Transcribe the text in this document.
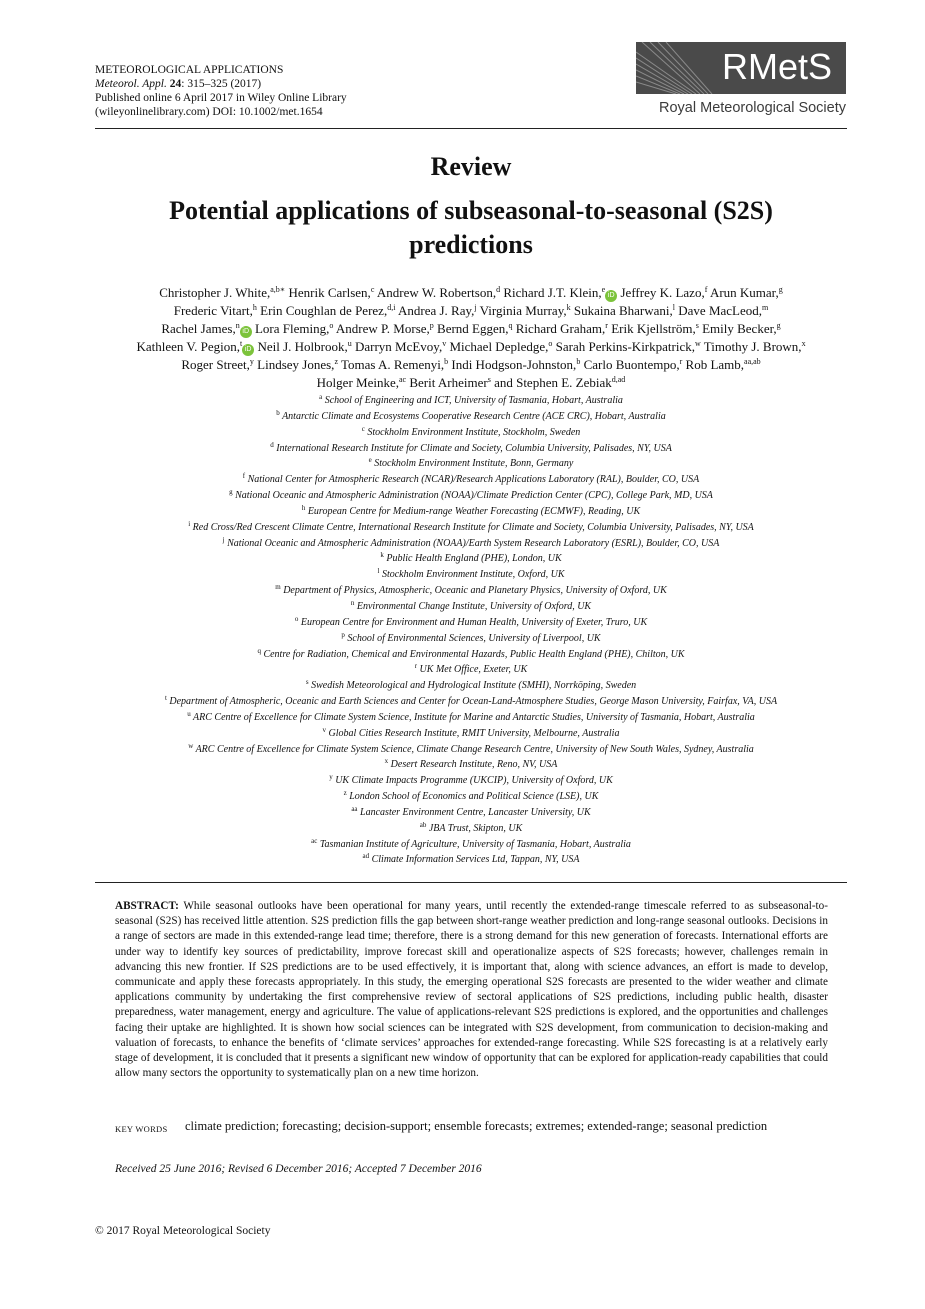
METEOROLOGICAL APPLICATIONS
Meteorol. Appl. 24: 315–325 (2017)
Published online 6 April 2017 in Wiley Online Library
(wileyonlinelibrary.com) DOI: 10.1002/met.1654
RMetS
Royal Meteorological Society
Review
Potential applications of subseasonal-to-seasonal (S2S)
predictions
Christopher J. White,$^{a,b∗}$ Henrik Carlsen,$^c$ Andrew W. Robertson,$^d$ Richard J.T. Klein,$^e$iD Jeffrey K. Lazo,$^f$ Arun Kumar,$^g$
Frederic Vitart,$^h$ Erin Coughlan de Perez,$^{d,i}$ Andrea J. Ray,$^j$ Virginia Murray,$^k$ Sukaina Bharwani,$^l$ Dave MacLeod,$^m$
Rachel James,$^n$iD Lora Fleming,$^o$ Andrew P. Morse,$^p$ Bernd Eggen,$^q$ Richard Graham,$^r$ Erik Kjellström,$^s$ Emily Becker,$^g$
Kathleen V. Pegion,$^t$iD Neil J. Holbrook,$^u$ Darryn McEvoy,$^v$ Michael Depledge,$^o$ Sarah Perkins-Kirkpatrick,$^w$ Timothy J. Brown,$^x$
Roger Street,$^y$ Lindsey Jones,$^z$ Tomas A. Remenyi,$^b$ Indi Hodgson-Johnston,$^b$ Carlo Buontempo,$^r$ Rob Lamb,$^{aa,ab}$
Holger Meinke,$^{ac}$ Berit Arheimer$^s$ and Stephen E. Zebiak$^{d,ad}$
$^a$ School of Engineering and ICT, University of Tasmania, Hobart, Australia
$^b$ Antarctic Climate and Ecosystems Cooperative Research Centre (ACE CRC), Hobart, Australia
$^c$ Stockholm Environment Institute, Stockholm, Sweden
$^d$ International Research Institute for Climate and Society, Columbia University, Palisades, NY, USA
$^e$ Stockholm Environment Institute, Bonn, Germany
$^f$ National Center for Atmospheric Research (NCAR)/Research Applications Laboratory (RAL), Boulder, CO, USA
$^g$ National Oceanic and Atmospheric Administration (NOAA)/Climate Prediction Center (CPC), College Park, MD, USA
$^h$ European Centre for Medium-range Weather Forecasting (ECMWF), Reading, UK
$^i$ Red Cross/Red Crescent Climate Centre, International Research Institute for Climate and Society, Columbia University, Palisades, NY, USA
$^j$ National Oceanic and Atmospheric Administration (NOAA)/Earth System Research Laboratory (ESRL), Boulder, CO, USA
$^k$ Public Health England (PHE), London, UK
$^l$ Stockholm Environment Institute, Oxford, UK
$^m$ Department of Physics, Atmospheric, Oceanic and Planetary Physics, University of Oxford, UK
$^n$ Environmental Change Institute, University of Oxford, UK
$^o$ European Centre for Environment and Human Health, University of Exeter, Truro, UK
$^p$ School of Environmental Sciences, University of Liverpool, UK
$^q$ Centre for Radiation, Chemical and Environmental Hazards, Public Health England (PHE), Chilton, UK
$^r$ UK Met Office, Exeter, UK
$^s$ Swedish Meteorological and Hydrological Institute (SMHI), Norrköping, Sweden
$^t$ Department of Atmospheric, Oceanic and Earth Sciences and Center for Ocean-Land-Atmosphere Studies, George Mason University, Fairfax, VA, USA
$^u$ ARC Centre of Excellence for Climate System Science, Institute for Marine and Antarctic Studies, University of Tasmania, Hobart, Australia
$^v$ Global Cities Research Institute, RMIT University, Melbourne, Australia
$^w$ ARC Centre of Excellence for Climate System Science, Climate Change Research Centre, University of New South Wales, Sydney, Australia
$^x$ Desert Research Institute, Reno, NV, USA
$^y$ UK Climate Impacts Programme (UKCIP), University of Oxford, UK
$^z$ London School of Economics and Political Science (LSE), UK
$^{aa}$ Lancaster Environment Centre, Lancaster University, UK
$^{ab}$ JBA Trust, Skipton, UK
$^{ac}$ Tasmanian Institute of Agriculture, University of Tasmania, Hobart, Australia
$^{ad}$ Climate Information Services Ltd, Tappan, NY, USA
ABSTRACT: While seasonal outlooks have been operational for many years, until recently the extended-range timescale referred to as subseasonal-to-seasonal (S2S) has received little attention. S2S prediction fills the gap between short-range weather prediction and long-range seasonal outlooks. Decisions in a range of sectors are made in this extended-range lead time; therefore, there is a strong demand for this new generation of forecasts. International efforts are under way to identify key sources of predictability, improve forecast skill and operationalize aspects of S2S forecasts; however, challenges remain in advancing this new frontier. If S2S predictions are to be used effectively, it is important that, along with science advances, an effort is made to develop, communicate and apply these forecasts appropriately. In this study, the emerging operational S2S forecasts are presented to the wider weather and climate applications community by undertaking the first comprehensive review of sectoral applications of S2S predictions, including public health, disaster preparedness, water management, energy and agriculture. The value of applications-relevant S2S predictions is explored, and the opportunities and challenges facing their uptake are highlighted. It is shown how social sciences can be integrated with S2S development, from communication to decision-making and valuation of forecasts, to enhance the benefits of ‘climate services’ approaches for extended-range forecasting. While S2S forecasting is at a relatively early stage of development, it is concluded that it presents a significant new window of opportunity that can be explored for application-ready capabilities that could allow many sectors the opportunity to systematically plan on a new time horizon.
KEY WORDS climate prediction; forecasting; decision-support; ensemble forecasts; extremes; extended-range; seasonal prediction
Received 25 June 2016; Revised 6 December 2016; Accepted 7 December 2016
© 2017 Royal Meteorological Society
